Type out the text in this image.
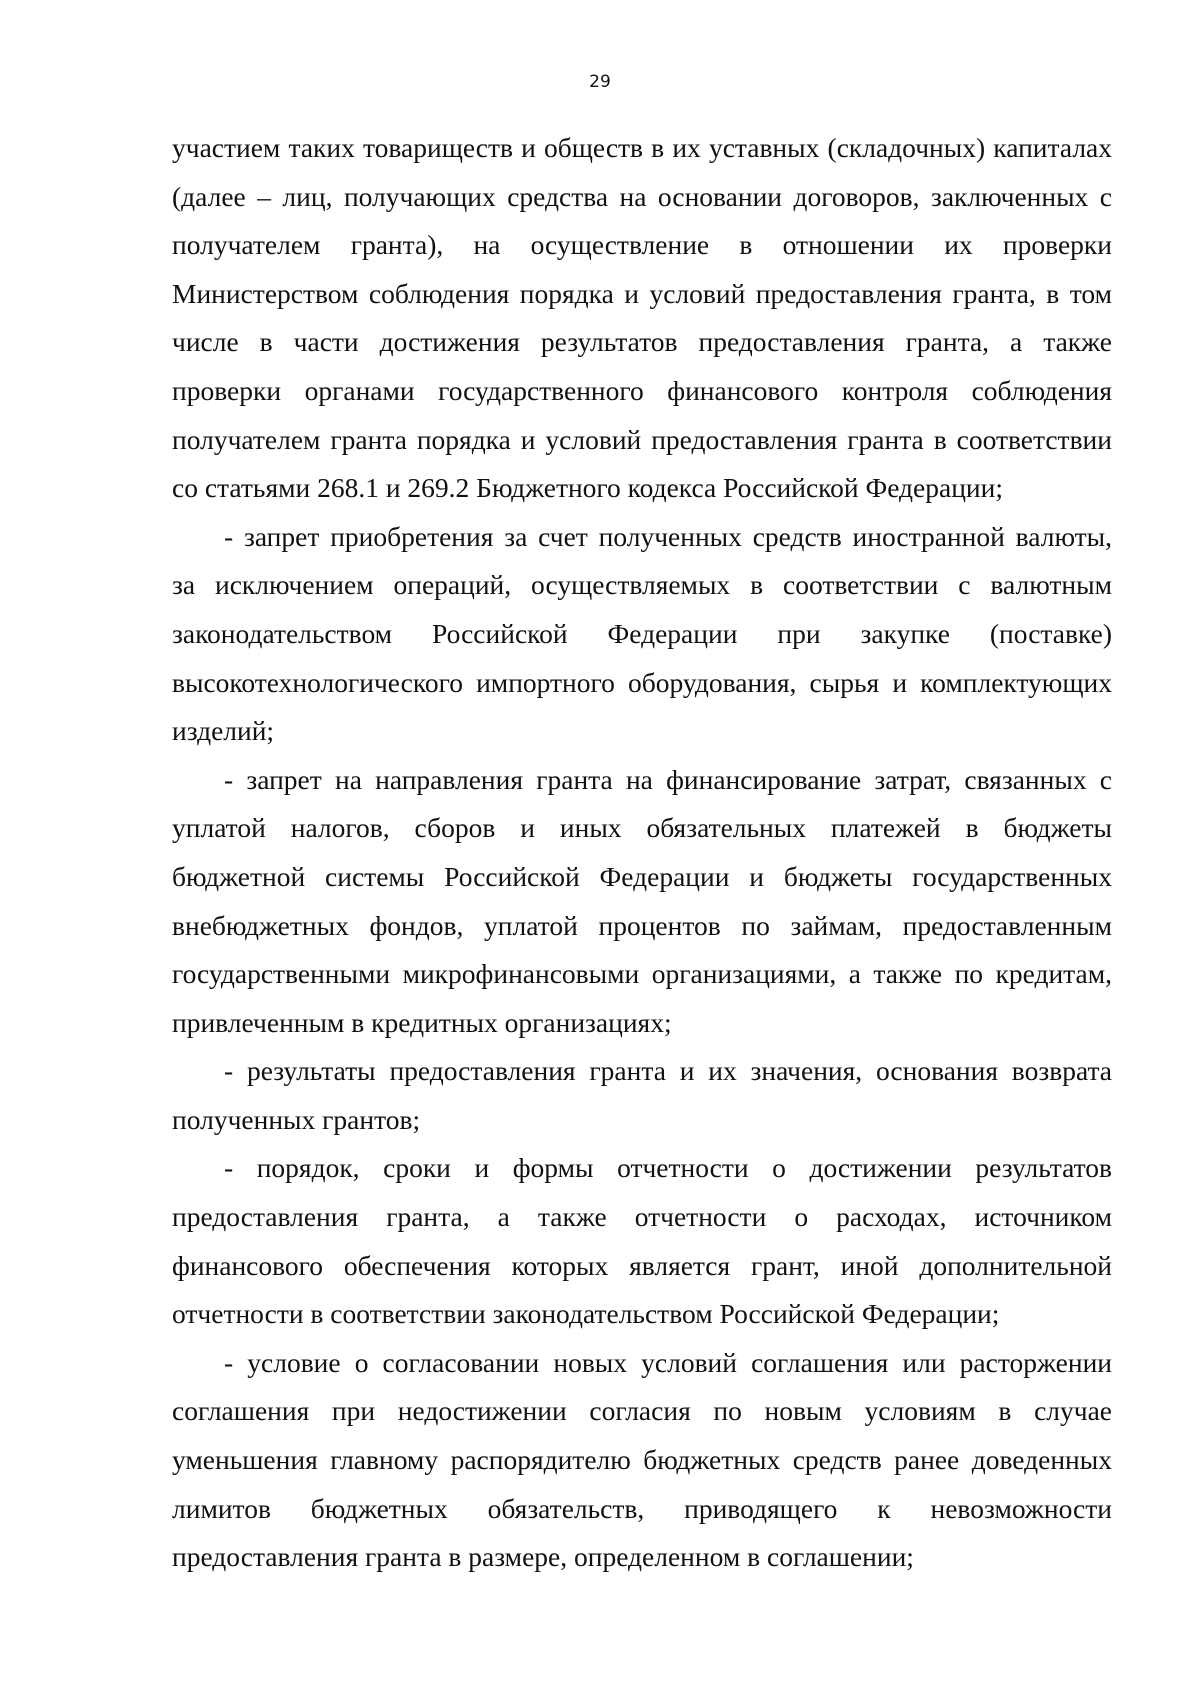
29
участием таких товариществ и обществ в их уставных (складочных) капиталах
(далее – лиц, получающих средства на основании договоров, заключенных с
получателем гранта), на осуществление в отношении их проверки
Министерством соблюдения порядка и условий предоставления гранта, в том
числе в части достижения результатов предоставления гранта, а также
проверки органами государственного финансового контроля соблюдения
получателем гранта порядка и условий предоставления гранта в соответствии
со статьями 268.1 и 269.2 Бюджетного кодекса Российской Федерации;
- запрет приобретения за счет полученных средств иностранной валюты,
за исключением операций, осуществляемых в соответствии с валютным
законодательством Российской Федерации при закупке (поставке)
высокотехнологического импортного оборудования, сырья и комплектующих
изделий;
- запрет на направления гранта на финансирование затрат, связанных с
уплатой налогов, сборов и иных обязательных платежей в бюджеты
бюджетной системы Российской Федерации и бюджеты государственных
внебюджетных фондов, уплатой процентов по займам, предоставленным
государственными микрофинансовыми организациями, а также по кредитам,
привлеченным в кредитных организациях;
- результаты предоставления гранта и их значения, основания возврата
полученных грантов;
- порядок, сроки и формы отчетности о достижении результатов
предоставления гранта, а также отчетности о расходах, источником
финансового обеспечения которых является грант, иной дополнительной
отчетности в соответствии законодательством Российской Федерации;
- условие о согласовании новых условий соглашения или расторжении
соглашения при недостижении согласия по новым условиям в случае
уменьшения главному распорядителю бюджетных средств ранее доведенных
лимитов бюджетных обязательств, приводящего к невозможности
предоставления гранта в размере, определенном в соглашении;
